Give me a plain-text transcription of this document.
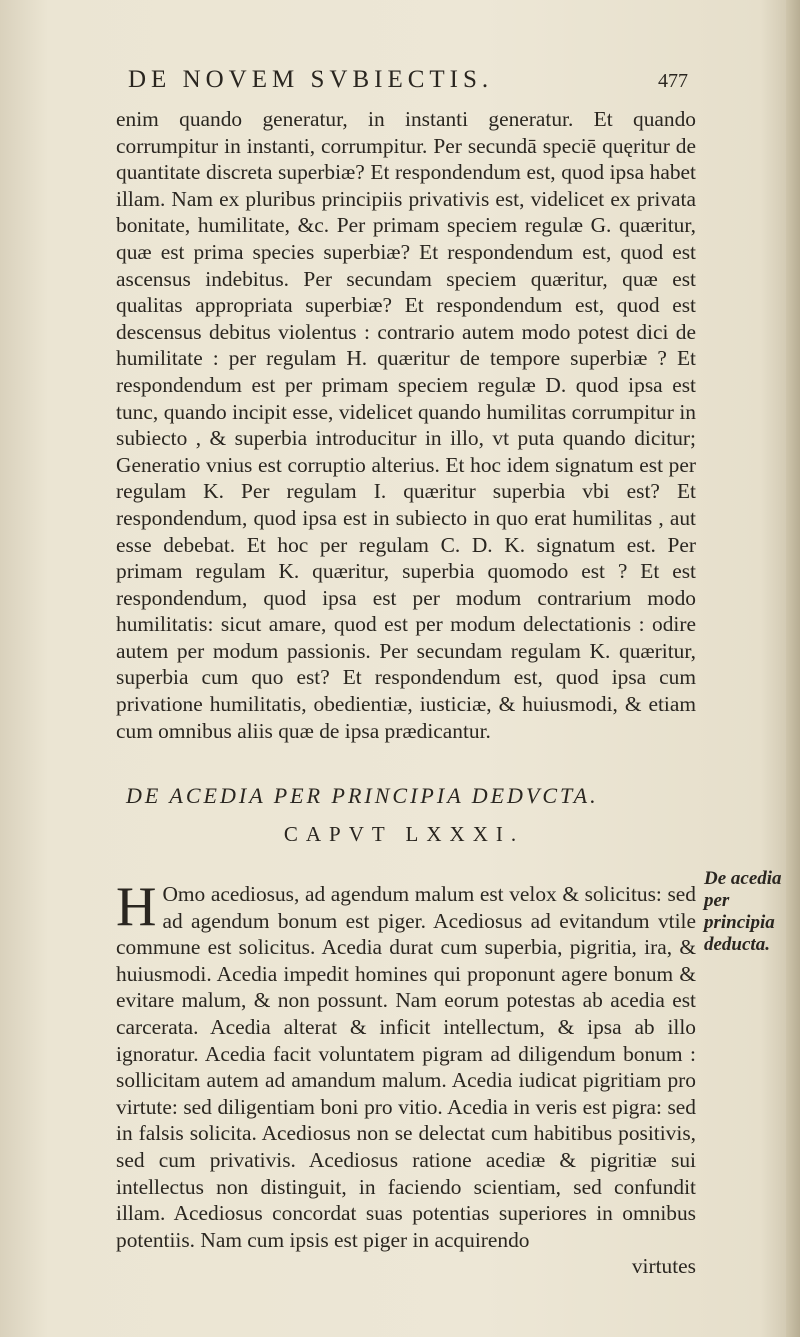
DE NOVEM SVBIECTIS.	477

enim quando generatur, in instanti generatur. Et quando corrumpitur in instanti, corrumpitur. Per secundā speciē quęritur de quantitate discreta superbiæ? Et respondendum est, quod ipsa habet illam. Nam ex pluribus principiis privativis est, videlicet ex privata bonitate, humilitate, &c. Per primam speciem regulæ G. quæritur, quæ est prima species superbiæ? Et respondendum est, quod est ascensus indebitus. Per secundam speciem quæritur, quæ est qualitas appropriata superbiæ? Et respondendum est, quod est descensus debitus violentus : contrario autem modo potest dici de humilitate : per regulam H. quæritur de tempore superbiæ ? Et respondendum est per primam speciem regulæ D. quod ipsa est tunc, quando incipit esse, videlicet quando humilitas corrumpitur in subiecto , & superbia introducitur in illo, vt puta quando dicitur; Generatio vnius est corruptio alterius. Et hoc idem signatum est per regulam K. Per regulam I. quæritur superbia vbi est? Et respondendum, quod ipsa est in subiecto in quo erat humilitas , aut esse debebat. Et hoc per regulam C. D. K. signatum est. Per primam regulam K. quæritur, superbia quomodo est ? Et est respondendum, quod ipsa est per modum contrarium modo humilitatis: sicut amare, quod est per modum delectationis : odire autem per modum passionis. Per secundam regulam K. quæritur, superbia cum quo est? Et respondendum est, quod ipsa cum privatione humilitatis, obedientiæ, iusticiæ, & huiusmodi, & etiam cum omnibus aliis quæ de ipsa prædicantur.

DE ACEDIA PER PRINCIPIA DEDVCTA.
CAPVT LXXXI.
H Omo acediosus, ad agendum malum est velox & solicitus: sed ad agendum bonum est piger. Acediosus ad evitandum vtile commune est solicitus. Acedia durat cum superbia, pigritia, ira, & huiusmodi. Acedia impedit homines qui proponunt agere bonum & evitare malum, & non possunt. Nam eorum potestas ab acedia est carcerata. Acedia alterat & inficit intellectum, & ipsa ab illo ignoratur. Acedia facit voluntatem pigram ad diligendum bonum : sollicitam autem ad amandum malum. Acedia iudicat pigritiam pro virtute: sed diligentiam boni pro vitio. Acedia in veris est pigra: sed in falsis solicita. Acediosus non se delectat cum habitibus positivis, sed cum privativis. Acediosus ratione acediæ & pigritiæ sui intellectus non distinguit, in faciendo scientiam, sed confundit illam. Acediosus concordat suas potentias superiores in omnibus potentiis. Nam cum ipsis est piger in acquirendo
virtutes
De acedia per principia deducta.
